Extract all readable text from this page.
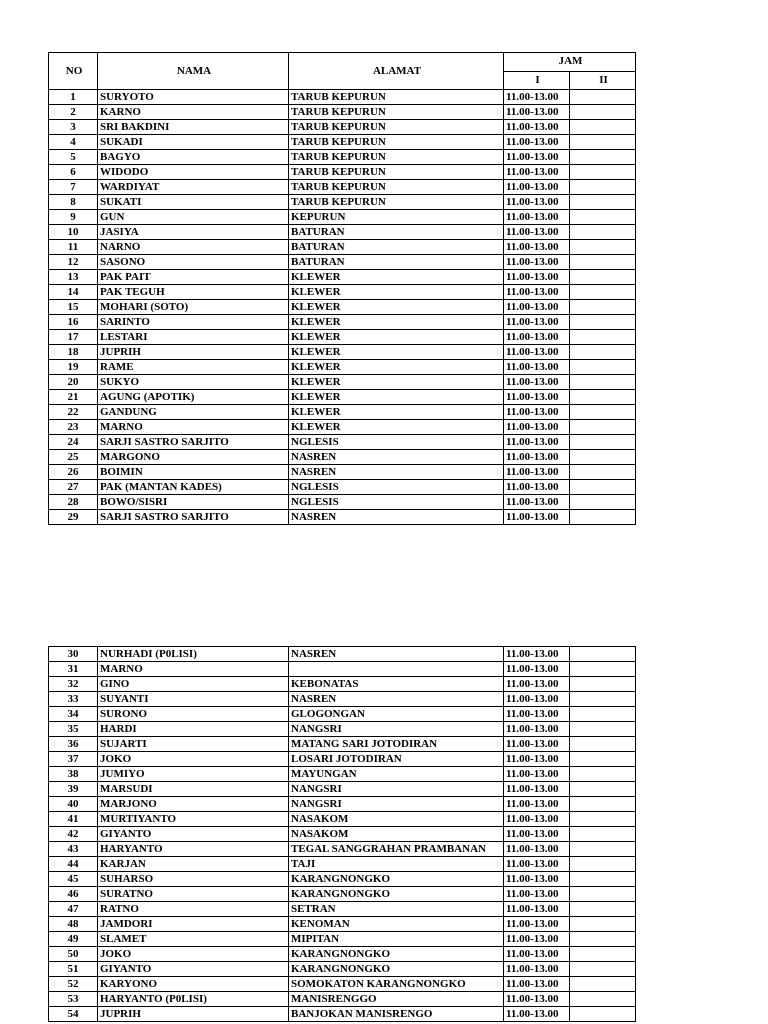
NO	NAMA	ALAMAT	JAM	
			I	II
1	SURYOTO	TARUB KEPURUN	11.00-13.00	
2	KARNO	TARUB KEPURUN	11.00-13.00	
3	SRI BAKDINI	TARUB KEPURUN	11.00-13.00	
4	SUKADI	TARUB KEPURUN	11.00-13.00	
5	BAGYO	TARUB KEPURUN	11.00-13.00	
6	WIDODO	TARUB KEPURUN	11.00-13.00	
7	WARDIYAT	TARUB KEPURUN	11.00-13.00	
8	SUKATI	TARUB KEPURUN	11.00-13.00	
9	GUN	KEPURUN	11.00-13.00	
10	JASIYA	BATURAN	11.00-13.00	
11	NARNO	BATURAN	11.00-13.00	
12	SASONO	BATURAN	11.00-13.00	
13	PAK PAIT	KLEWER	11.00-13.00	
14	PAK TEGUH	KLEWER	11.00-13.00	
15	MOHARI (SOTO)	KLEWER	11.00-13.00	
16	SARINTO	KLEWER	11.00-13.00	
17	LESTARI	KLEWER	11.00-13.00	
18	JUPRIH	KLEWER	11.00-13.00	
19	RAME	KLEWER	11.00-13.00	
20	SUKYO	KLEWER	11.00-13.00	
21	AGUNG (APOTIK)	KLEWER	11.00-13.00	
22	GANDUNG	KLEWER	11.00-13.00	
23	MARNO	KLEWER	11.00-13.00	
24	SARJI SASTRO SARJITO	NGLESIS	11.00-13.00	
25	MARGONO	NASREN	11.00-13.00	
26	BOIMIN	NASREN	11.00-13.00	
27	PAK (MANTAN KADES)	NGLESIS	11.00-13.00	
28	BOWO/SISRI	NGLESIS	11.00-13.00	
29	SARJI SASTRO SARJITO	NASREN	11.00-13.00	
30	NURHADI (P0LISI)	NASREN	11.00-13.00	
31	MARNO		11.00-13.00	
32	GINO	KEBONATAS	11.00-13.00	
33	SUYANTI	NASREN	11.00-13.00	
34	SURONO	GLOGONGAN	11.00-13.00	
35	HARDI	NANGSRI	11.00-13.00	
36	SUJARTI	MATANG SARI JOTODIRAN	11.00-13.00	
37	JOKO	LOSARI JOTODIRAN	11.00-13.00	
38	JUMIYO	MAYUNGAN	11.00-13.00	
39	MARSUDI	NANGSRI	11.00-13.00	
40	MARJONO	NANGSRI	11.00-13.00	
41	MURTIYANTO	NASAKOM	11.00-13.00	
42	GIYANTO	NASAKOM	11.00-13.00	
43	HARYANTO	TEGAL SANGGRAHAN PRAMBANAN	11.00-13.00	
44	KARJAN	TAJI	11.00-13.00	
45	SUHARSO	KARANGNONGKO	11.00-13.00	
46	SURATNO	KARANGNONGKO	11.00-13.00	
47	RATNO	SETRAN	11.00-13.00	
48	JAMDORI	KENOMAN	11.00-13.00	
49	SLAMET	MIPITAN	11.00-13.00	
50	JOKO	KARANGNONGKO	11.00-13.00	
51	GIYANTO	KARANGNONGKO	11.00-13.00	
52	KARYONO	SOMOKATON KARANGNONGKO	11.00-13.00	
53	HARYANTO (P0LISI)	MANISRENGGO	11.00-13.00	
54	JUPRIH	BANJOKAN MANISRENGO	11.00-13.00	
